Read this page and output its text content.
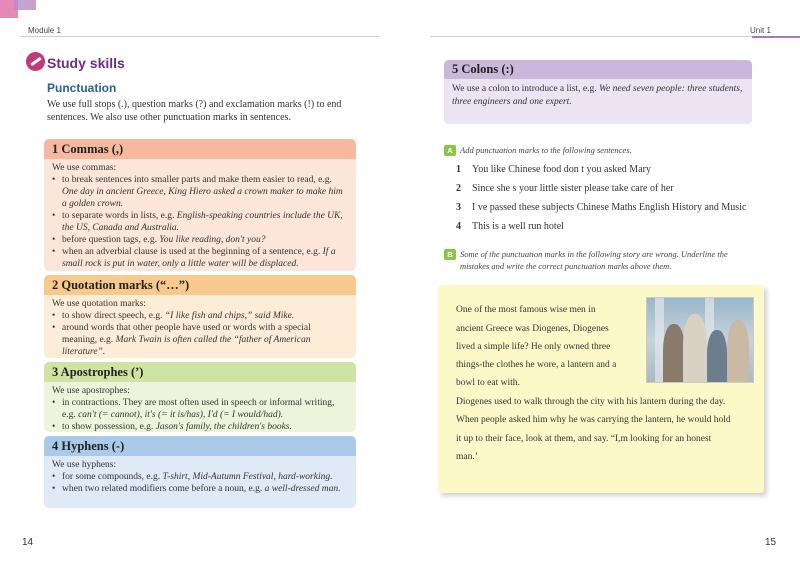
Module 1	Unit 1
Study skills
Punctuation
We use full stops (.), question marks (?) and exclamation marks (!) to end sentences. We also use other punctuation marks in sentences.
1 Commas (,)
We use commas:
• to break sentences into smaller parts and make them easier to read, e.g. One day in ancient Greece, King Hiero asked a crown maker to make him a golden crown.
• to separate words in lists, e.g. English-speaking countries include the UK, the US, Canada and Australia.
• before question tags, e.g. You like reading, don't you?
• when an adverbial clause is used at the beginning of a sentence, e.g. If a small rock is put in water, only a little water will be displaced.
2 Quotation marks (“…”)
We use quotation marks:
• to show direct speech, e.g. “I like fish and chips,” said Mike.
• around words that other people have used or words with a special meaning, e.g. Mark Twain is often called the “father of American literature”.
3 Apostrophes (’)
We use apostrophes:
• in contractions. They are most often used in speech or informal writing, e.g. can't (= cannot), it's (= it is/has), I'd (= I would/had).
• to show possession, e.g. Jason's family, the children's books.
4 Hyphens (-)
We use hyphens:
• for some compounds, e.g. T-shirt, Mid-Autumn Festival, hard-working.
• when two related modifiers come before a noun, e.g. a well-dressed man.
14
5 Colons (:)
We use a colon to introduce a list, e.g. We need seven people: three students, three engineers and one expert.
A Add punctuation marks to the following sentences.
1 You like Chinese food don t you asked Mary
2 Since she s your little sister please take care of her
3 I ve passed these subjects Chinese Maths English History and Music
4 This is a well run hotel
B Some of the punctuation marks in the following story are wrong. Underline the
mistakes and write the correct punctuation marks above them.
One of the most famous wise men in
ancient Greece was Diogenes, Diogenes
lived a simple life? He only owned three
things-the clothes he wore, a lantern and a
bowl to eat with.
Diogenes used to walk through the city with his lantern during the day.
When people asked him why he was carrying the lantern, he would hold
it up to their face, look at them, and say. “I,m looking for an honest
man.’
15
